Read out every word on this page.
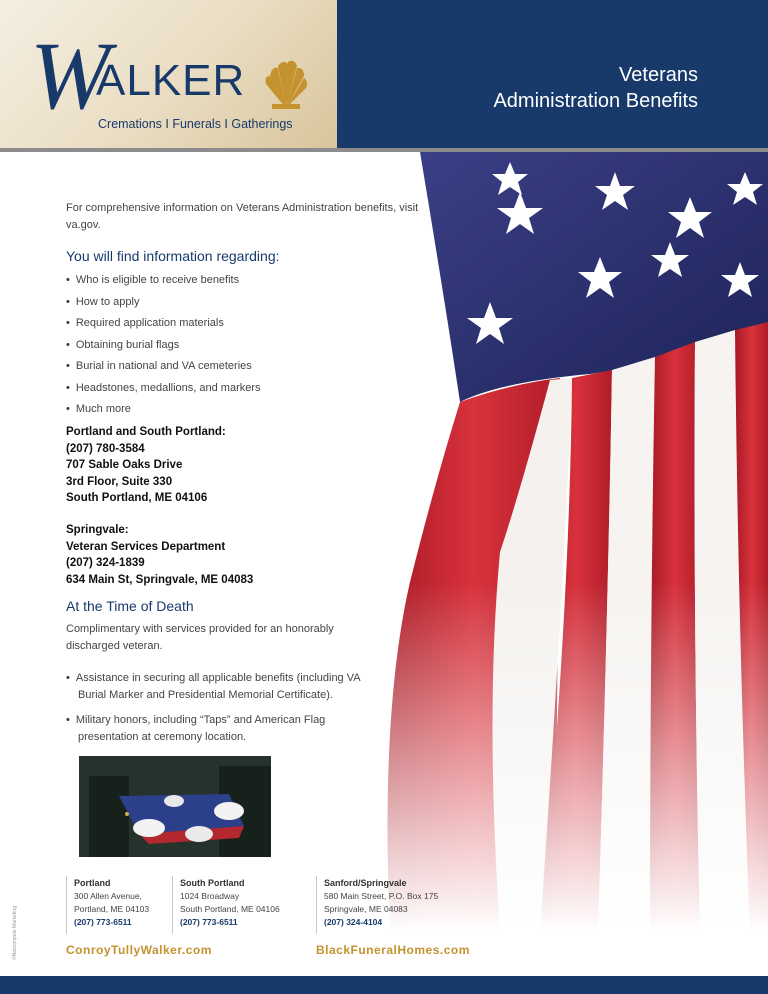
W
ALKER
Cremations I Funerals I Gatherings
Veterans
Administration Benefits
For comprehensive information on Veterans Administration benefits, visit va.gov.
You will find information regarding:
• Who is eligible to receive benefits
• How to apply
• Required application materials
• Obtaining burial flags
• Burial in national and VA cemeteries
• Headstones, medallions, and markers
• Much more
Portland and South Portland:
(207) 780-3584
707 Sable Oaks Drive
3rd Floor, Suite 330
South Portland, ME 04106
Springvale:
Veteran Services Department
(207) 324-1839
634 Main St, Springvale, ME 04083
At the Time of Death
Complimentary with services provided for an honorably discharged veteran.
• Assistance in securing all applicable benefits (including VA Burial Marker and Presidential Memorial Certificate).
• Military honors, including “Taps” and American Flag presentation at ceremony location.
©Netcompete Marketing
Portland
300 Allen Avenue,
Portland, ME 04103
(207) 773-6511
South Portland
1024 Broadway
South Portland, ME 04106
(207) 773-6511
Sanford/Springvale
580 Main Street, P.O. Box 175
Springvale, ME 04083
(207) 324-4104
ConroyTullyWalker.com	BlackFuneralHomes.com
